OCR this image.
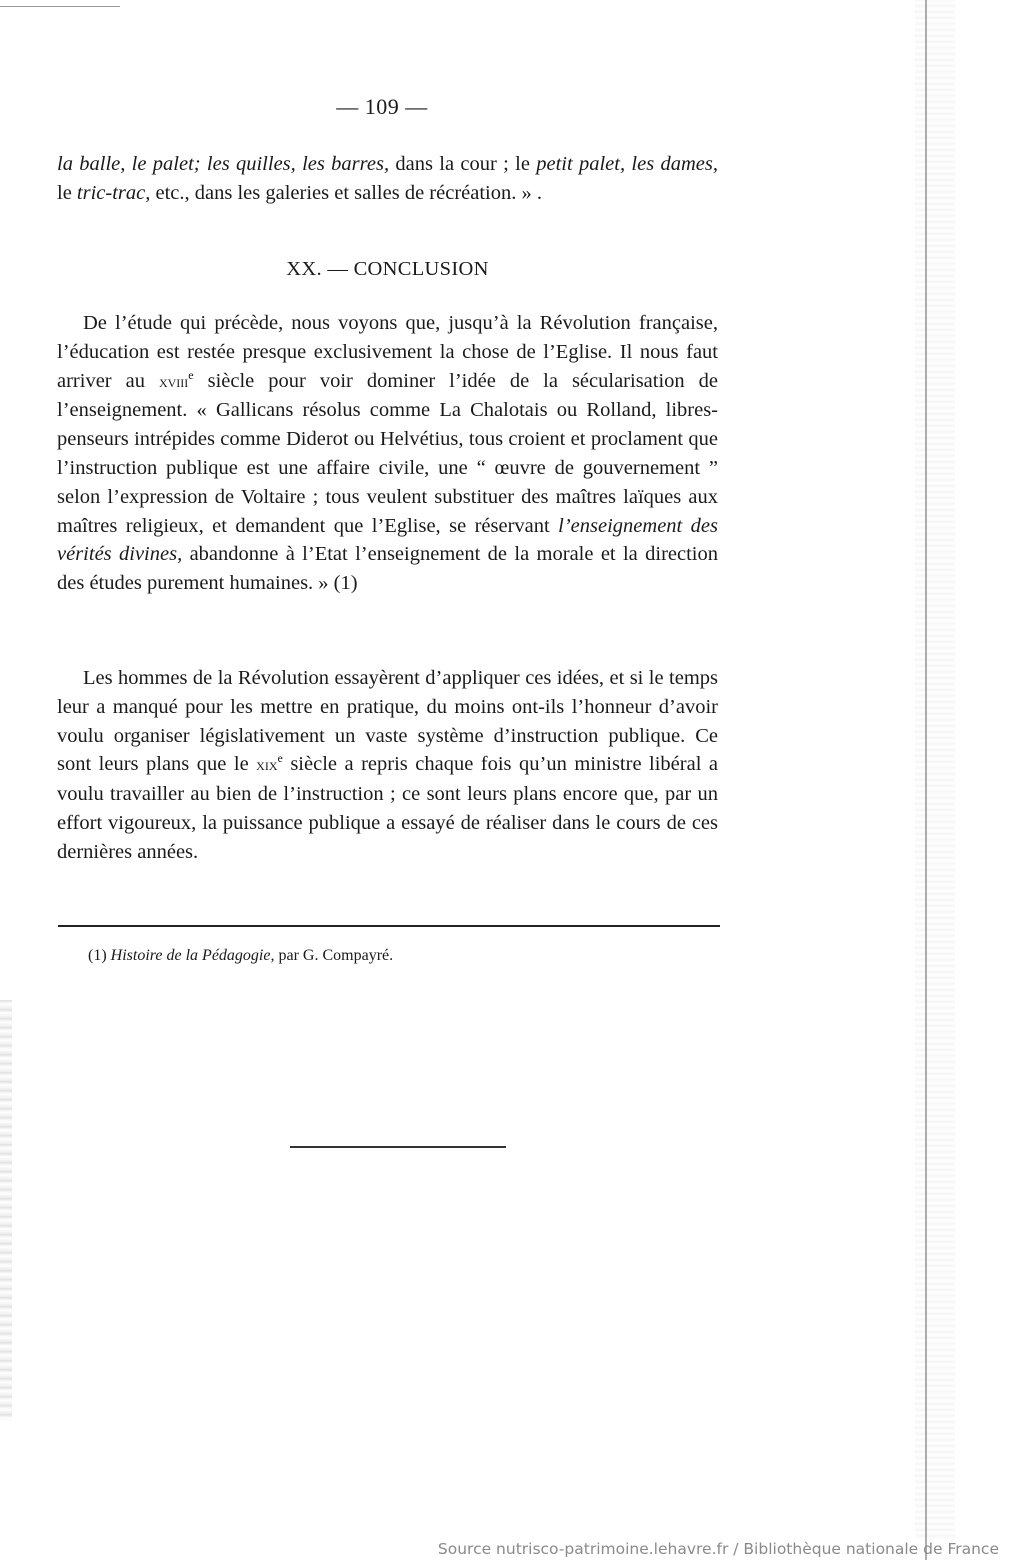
— 109 —

la balle, le palet; les quilles, les barres, dans la cour ; le petit palet, les dames, le tric-trac, etc., dans les galeries et salles de récréation. » .

XX. — CONCLUSION

De l’étude qui précède, nous voyons que, jusqu’à la Révolution française, l’éducation est restée presque exclusivement la chose de l’Eglise. Il nous faut arriver au xviii$^e$ siècle pour voir dominer l’idée de la sécularisation de l’enseignement. « Gallicans résolus comme La Chalotais ou Rolland, libres-penseurs intrépides comme Diderot ou Helvétius, tous croient et proclament que l’instruction publique est une affaire civile, une “ œuvre de gouvernement ” selon l’expression de Voltaire ; tous veulent substituer des maîtres laïques aux maîtres religieux, et demandent que l’Eglise, se réservant l’enseignement des vérités divines, abandonne à l’Etat l’enseignement de la morale et la direction des études purement humaines. » (1)

Les hommes de la Révolution essayèrent d’appliquer ces idées, et si le temps leur a manqué pour les mettre en pratique, du moins ont-ils l’honneur d’avoir voulu organiser législativement un vaste système d’instruction publique. Ce sont leurs plans que le xix$^e$ siècle a repris chaque fois qu’un ministre libéral a voulu travailler au bien de l’instruction ; ce sont leurs plans encore que, par un effort vigoureux, la puissance publique a essayé de réaliser dans le cours de ces dernières années.

(1) Histoire de la Pédagogie, par G. Compayré.
Source nutrisco-patrimoine.lehavre.fr / Bibliothèque nationale de France
